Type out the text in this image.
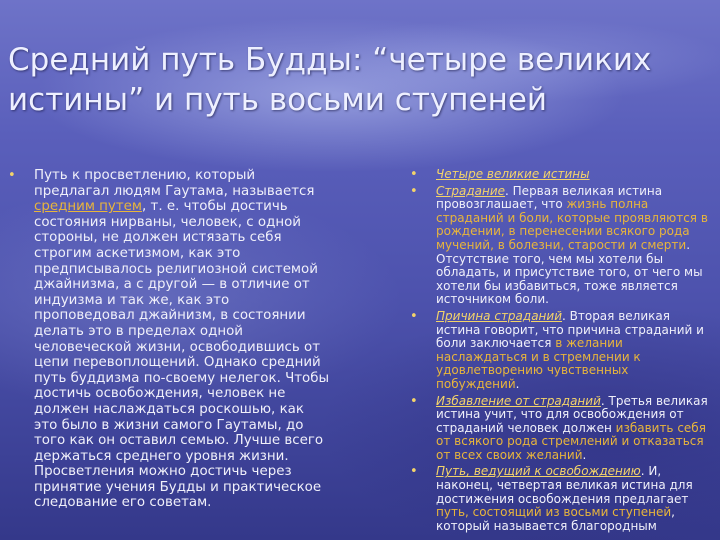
Средний путь Будды: “четыре великих
истины” и путь восьми ступеней
• Путь к просветлению, который предлагал людям Гаутама, называется средним путем, т. е. чтобы достичь состояния нирваны, человек, с одной стороны, не должен истязать себя строгим аскетизмом, как это предписывалось религиозной системой джайнизма, а с другой — в отличие от индуизма и так же, как это проповедовал джайнизм, в состоянии делать это в пределах одной человеческой жизни, освободившись от цепи перевоплощений. Однако средний путь буддизма по-своему нелегок. Чтобы достичь освобождения, человек не должен наслаждаться роскошью, как это было в жизни самого Гаутамы, до того как он оставил семью. Лучше всего держаться среднего уровня жизни. Просветления можно достичь через принятие учения Будды и практическое следование его советам.
• Четыре великие истины
• Страдание. Первая великая истина провозглашает, что жизнь полна страданий и боли, которые проявляются в рождении, в перенесении всякого рода мучений, в болезни, старости и смерти. Отсутствие того, чем мы хотели бы обладать, и присутствие того, от чего мы хотели бы избавиться, тоже является источником боли.
• Причина страданий. Вторая великая истина говорит, что причина страданий и боли заключается в желании наслаждаться и в стремлении к удовлетворению чувственных побуждений.
• Избавление от страданий. Третья великая истина учит, что для освобождения от страданий человек должен избавить себя от всякого рода стремлений и отказаться от всех своих желаний.
• Путь, ведущий к освобождению. И, наконец, четвертая великая истина для достижения освобождения предлагает путь, состоящий из восьми ступеней, который называется благородным
